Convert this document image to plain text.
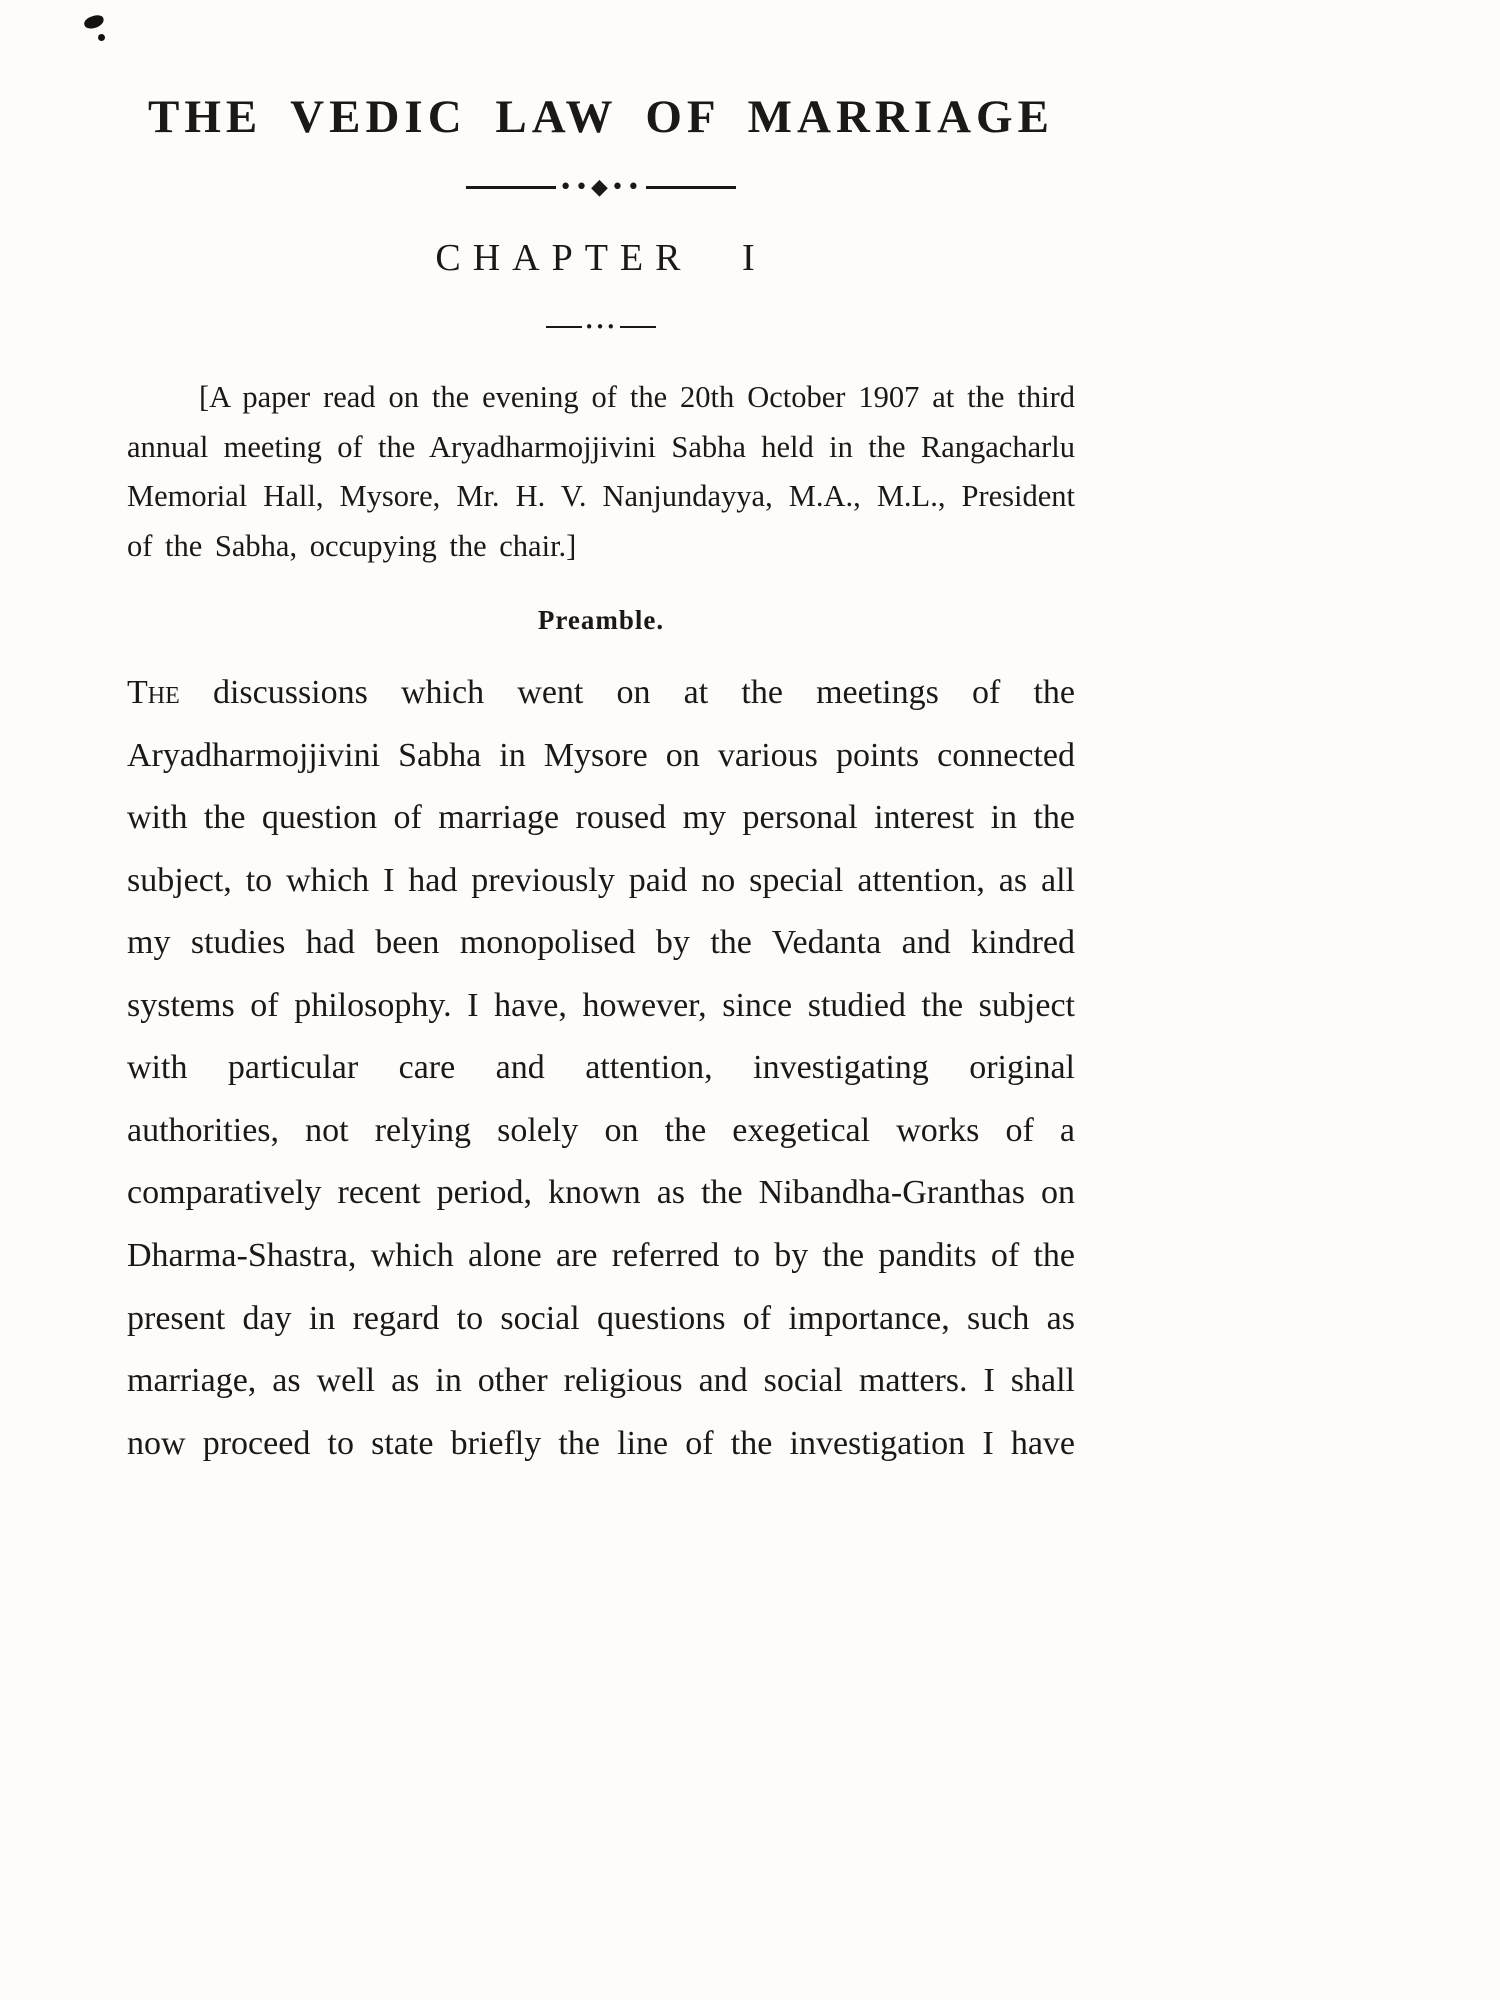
THE VEDIC LAW OF MARRIAGE
••◆••
CHAPTER I
•••

[A paper read on the evening of the 20th October 1907 at the third annual meeting of the Aryadharmojjivini Sabha held in the Rangacharlu Memorial Hall, Mysore, Mr. H. V. Nanjundayya, M.A., M.L., President of the Sabha, occupying the chair.]

Preamble.

The discussions which went on at the meetings of the Aryadharmojjivini Sabha in Mysore on various points connected with the question of marriage roused my personal interest in the subject, to which I had previously paid no special attention, as all my studies had been monopolised by the Vedanta and kindred systems of philosophy. I have, however, since studied the subject with particular care and attention, investigating original authorities, not relying solely on the exegetical works of a comparatively recent period, known as the Nibandha-Granthas on Dharma-Shastra, which alone are referred to by the pandits of the present day in regard to social questions of importance, such as marriage, as well as in other religious and social matters. I shall now proceed to state briefly the line of the investigation I have
